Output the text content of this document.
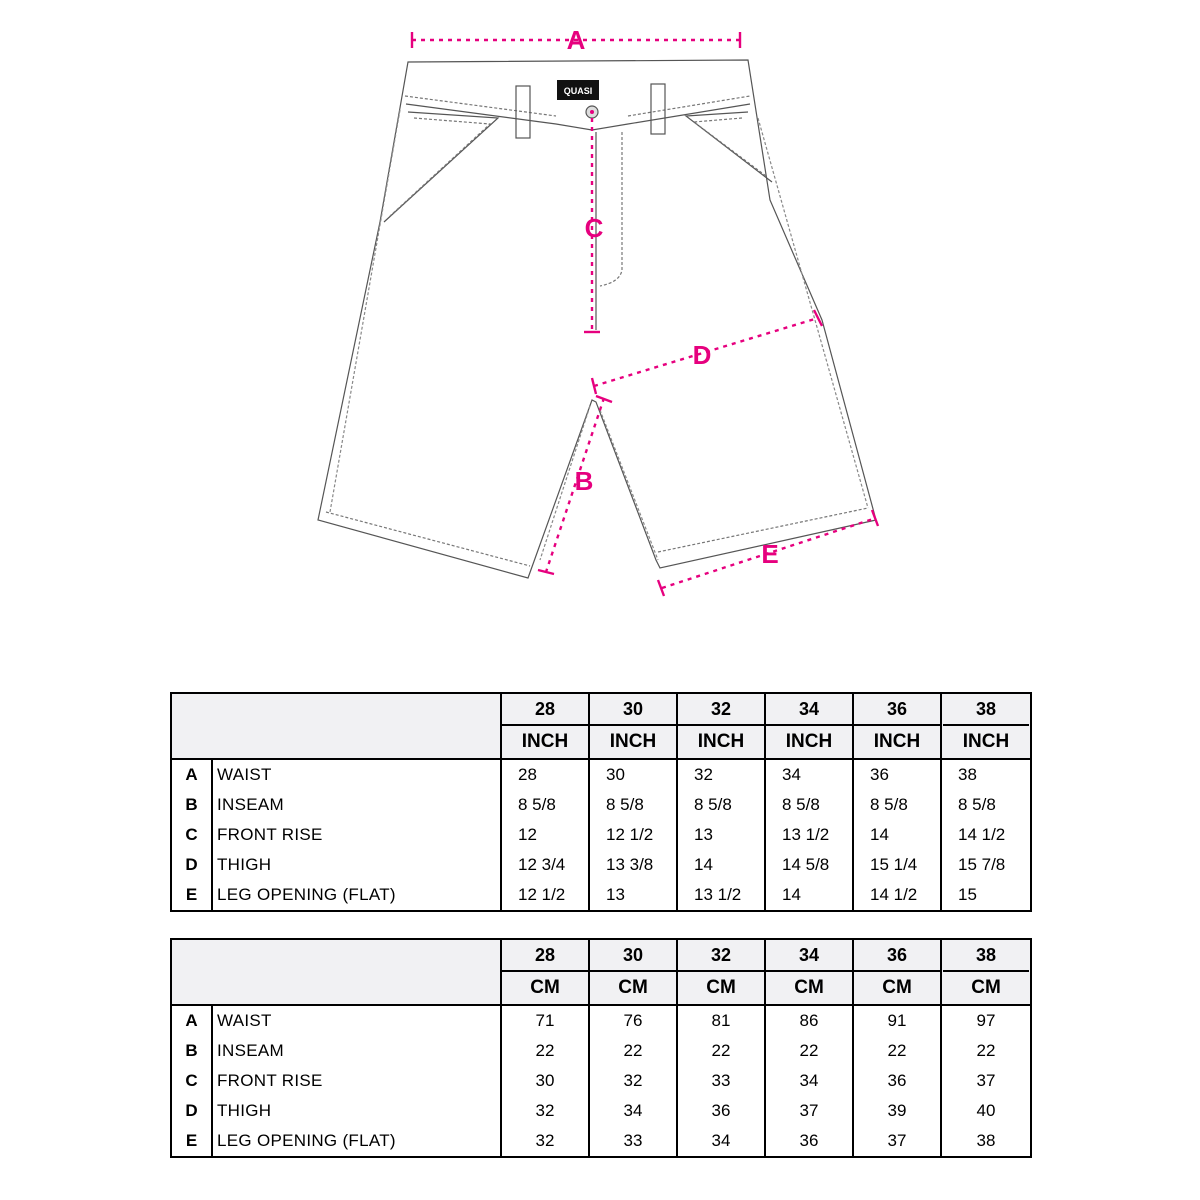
QUASI
A
C
D
B
E
		28	30	32	34	36	38
		INCH	INCH	INCH	INCH	INCH	INCH
A	WAIST	28	30	32	34	36	38
B	INSEAM	8 5/8	8 5/8	8 5/8	8 5/8	8 5/8	8 5/8
C	FRONT RISE	12	12 1/2	13	13 1/2	14	14 1/2
D	THIGH	12 3/4	13 3/8	14	14 5/8	15 1/4	15 7/8
E	LEG OPENING (FLAT)	12 1/2	13	13 1/2	14	14 1/2	15
		28	30	32	34	36	38
		CM	CM	CM	CM	CM	CM
A	WAIST	71	76	81	86	91	97
B	INSEAM	22	22	22	22	22	22
C	FRONT RISE	30	32	33	34	36	37
D	THIGH	32	34	36	37	39	40
E	LEG OPENING (FLAT)	32	33	34	36	37	38
